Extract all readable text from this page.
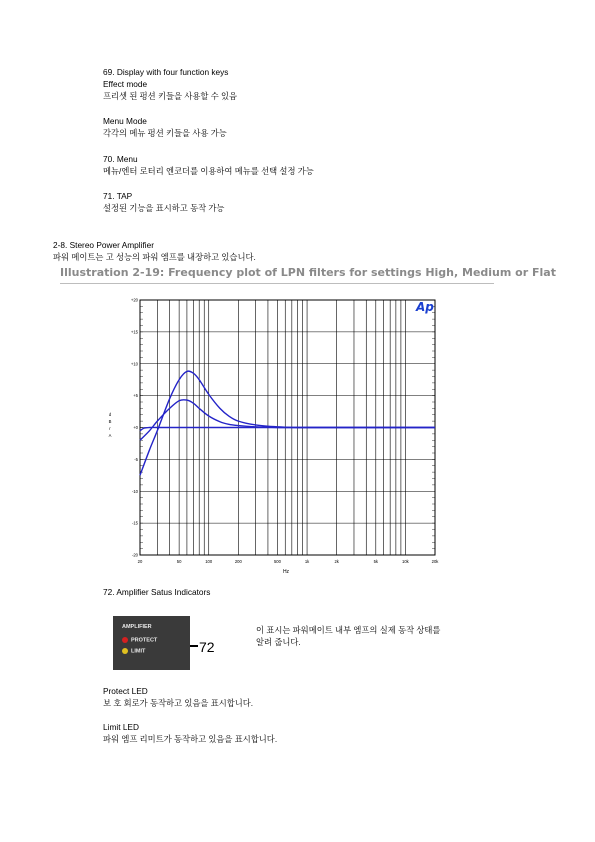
69. Display with four function keys
Effect mode
프리셋 된 펑션 키들을 사용할 수 있음
Menu Mode
각각의 메뉴 펑션 키들을 사용 가능
70. Menu
메뉴/엔터 로터리 엔코더를 이용하여 메뉴를 선택 설정 가능
71. TAP
설정된 기능을 표시하고 동작 가능
2-8. Stereo Power Amplifier
파워 메이트는 고 성능의 파워 엠프를 내장하고 있습니다.
Illustration 2-19: Frequency plot of LPN filters for settings High, Medium or Flat
+20
+15
+10
+5
+0
-5
-10
-15
-20
20	50	100	200	500	1k	2k	5k	10k	20k
Ap
d
B
r
A
Hz
72. Amplifier Satus Indicators
AMPLIFIER
PROTECT
LIMIT	72
이 표시는 파워메이트 내부 엠프의 실제 동작 상태를
알려 줍니다.
Protect LED
보 호 회로가 동작하고 있음을 표시합니다.
Limit LED
파워 엠프 리미트가 동작하고 있음을 표시합니다.
